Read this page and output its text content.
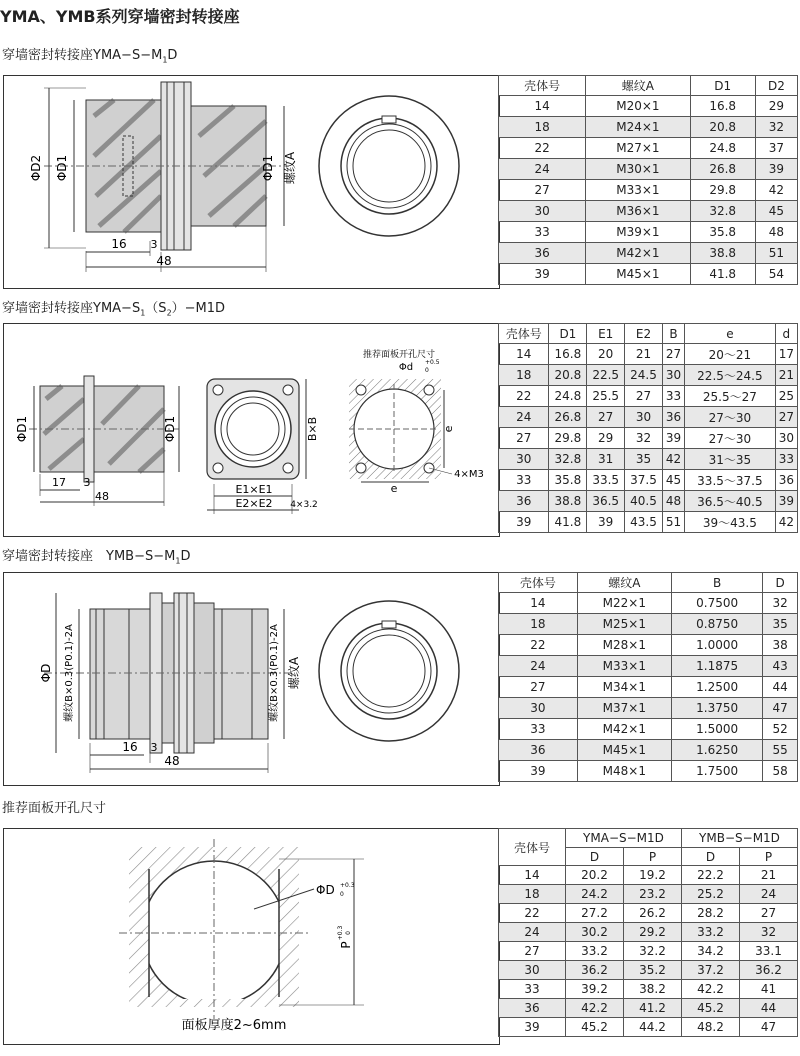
YMA、YMB系列穿墙密封转接座
穿墙密封转接座$YMA-S-M_1D$
ΦD2 ΦD1	ΦD1 螺纹A
16 3
48
壳体号	螺纹A	D1	D2
14	M20×1	16.8	29
18	M24×1	20.8	32
22	M27×1	24.8	37
24	M30×1	26.8	39
27	M33×1	29.8	42
30	M36×1	32.8	45
33	M39×1	35.8	48
36	M42×1	38.8	51
39	M45×1	41.8	54
穿墙密封转接座$YMA-S_1(S_2)-M1D$
ΦD1	ΦD1
17 3
48
B×B
E1×E1
E2×E2 4×3.2
推荐面板开孔尺寸
Φd +0.5
0
e
e
4×M3
壳体号	D1	E1	E2	B	e	d
14	16.8	20	21	27	20～21	17
18	20.8	22.5	24.5	30	22.5～24.5	21
22	24.8	25.5	27	33	25.5～27	25
24	26.8	27	30	36	27～30	27
27	29.8	29	32	39	27～30	30
30	32.8	31	35	42	31～35	33
33	35.8	33.5	37.5	45	33.5～37.5	36
36	38.8	36.5	40.5	48	36.5～40.5	39
39	41.8	39	43.5	51	39～43.5	42
穿墙密封转接座　$YMB-S-M_1D$
ΦD 螺纹B×0.3(P0.1)-2A	螺纹B×0.3(P0.1)-2A 螺纹A
16 3
48
壳体号	螺纹A	B	D
14	M22×1	0.7500	32
18	M25×1	0.8750	35
22	M28×1	1.0000	38
24	M33×1	1.1875	43
27	M34×1	1.2500	44
30	M37×1	1.3750	47
33	M42×1	1.5000	52
36	M45×1	1.6250	55
39	M48×1	1.7500	58
推荐面板开孔尺寸
ΦD +0.3
0
P
+0.3 0
面板厚度2~6mm
壳体号	YMA−S−M1D		YMB−S−M1D	
	D	P	D	P
14	20.2	19.2	22.2	21
18	24.2	23.2	25.2	24
22	27.2	26.2	28.2	27
24	30.2	29.2	33.2	32
27	33.2	32.2	34.2	33.1
30	36.2	35.2	37.2	36.2
33	39.2	38.2	42.2	41
36	42.2	41.2	45.2	44
39	45.2	44.2	48.2	47
